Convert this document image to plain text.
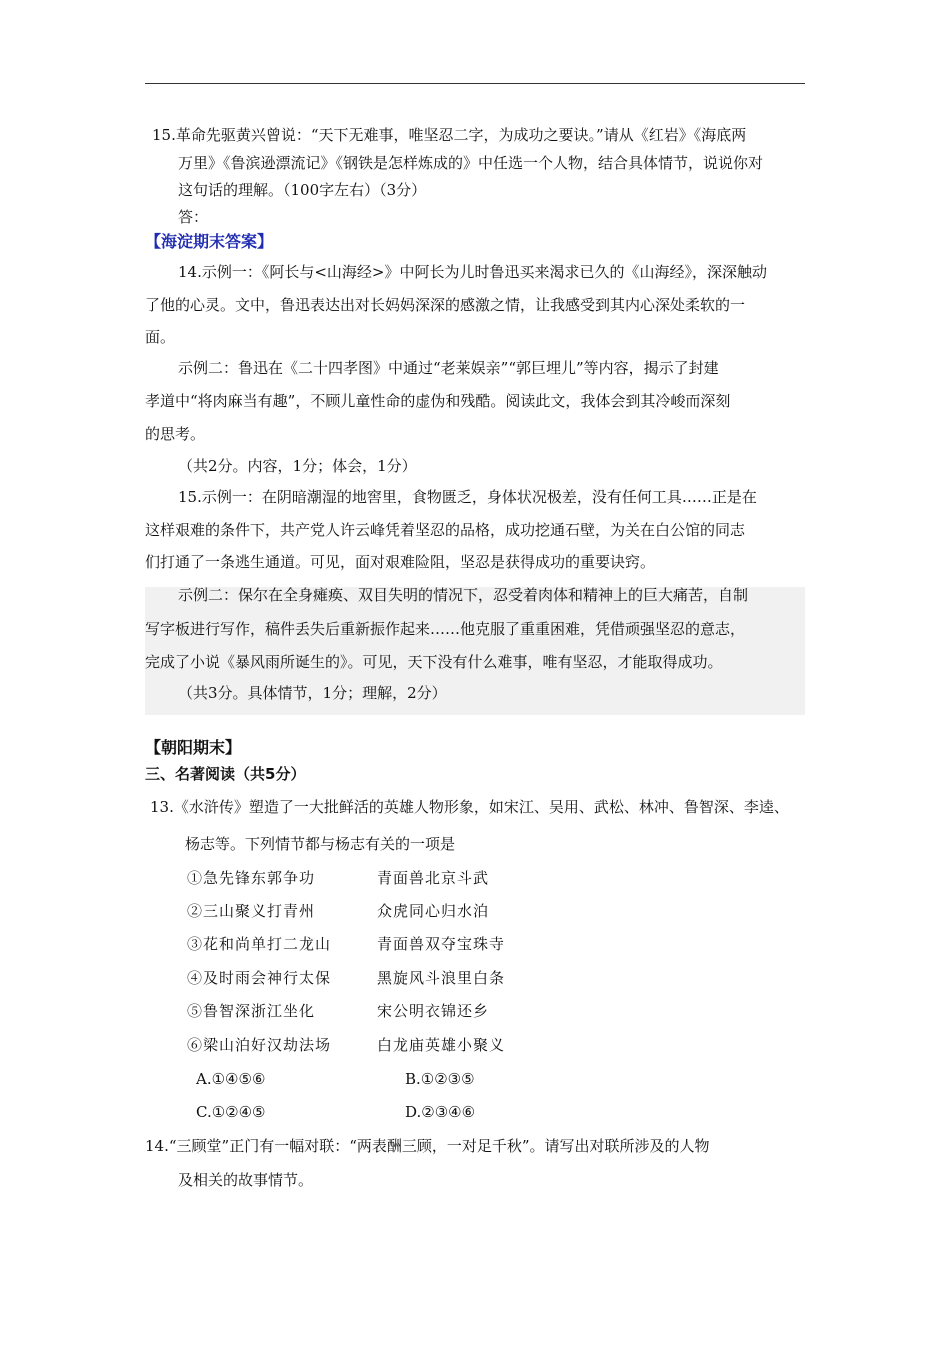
15.革命先驱黄兴曾说：“天下无难事，唯坚忍二字，为成功之要诀。”请从《红岩》《海底两
万里》《鲁滨逊漂流记》《钢铁是怎样炼成的》中任选一个人物，结合具体情节，说说你对
这句话的理解。（100字左右）（3分）
答：
【海淀期末答案】
14.示例一：《阿长与<山海经>》中阿长为儿时鲁迅买来渴求已久的《山海经》，深深触动
了他的心灵。文中，鲁迅表达出对长妈妈深深的感激之情，让我感受到其内心深处柔软的一
面。
示例二：鲁迅在《二十四孝图》中通过“老莱娱亲”“郭巨埋儿”等内容，揭示了封建
孝道中“将肉麻当有趣”，不顾儿童性命的虚伪和残酷。阅读此文，我体会到其冷峻而深刻
的思考。
（共2分。内容，1分；体会，1分）
15.示例一：在阴暗潮湿的地窖里，食物匮乏，身体状况极差，没有任何工具……正是在
这样艰难的条件下，共产党人许云峰凭着坚忍的品格，成功挖通石壁，为关在白公馆的同志
们打通了一条逃生通道。可见，面对艰难险阻，坚忍是获得成功的重要诀窍。
示例二：保尔在全身瘫痪、双目失明的情况下，忍受着肉体和精神上的巨大痛苦，自制
写字板进行写作，稿件丢失后重新振作起来……他克服了重重困难，凭借顽强坚忍的意志，
完成了小说《暴风雨所诞生的》。可见，天下没有什么难事，唯有坚忍，才能取得成功。
（共3分。具体情节，1分；理解，2分）
【朝阳期末】
三、名著阅读（共5分）
13.《水浒传》塑造了一大批鲜活的英雄人物形象，如宋江、吴用、武松、林冲、鲁智深、李逵、
杨志等。下列情节都与杨志有关的一项是
①急先锋东郭争功	青面兽北京斗武
②三山聚义打青州	众虎同心归水泊
③花和尚单打二龙山	青面兽双夺宝珠寺
④及时雨会神行太保	黑旋风斗浪里白条
⑤鲁智深浙江坐化	宋公明衣锦还乡
⑥梁山泊好汉劫法场	白龙庙英雄小聚义
A.①④⑤⑥	B.①②③⑤
C.①②④⑤	D.②③④⑥
14.“三顾堂”正门有一幅对联：“两表酬三顾，一对足千秋”。请写出对联所涉及的人物
及相关的故事情节。
